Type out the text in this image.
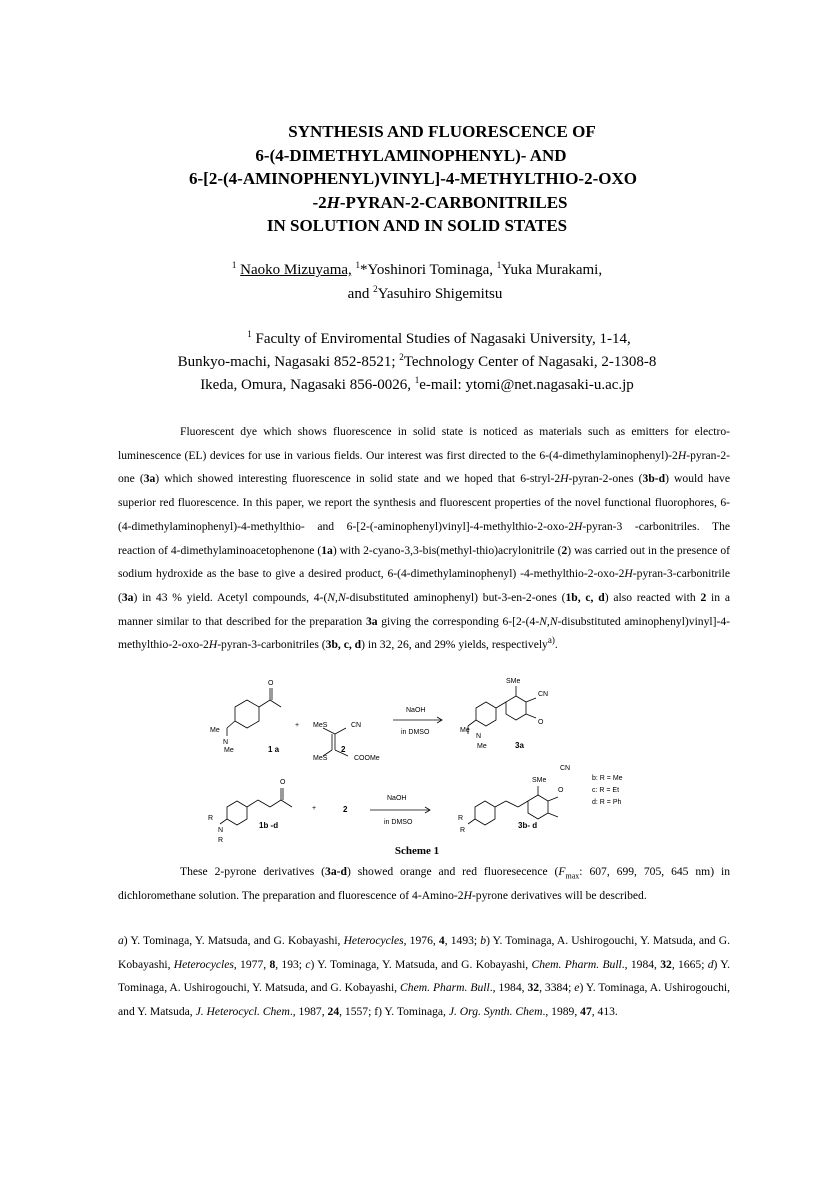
SYNTHESIS AND FLUORESCENCE OF
6-(4-DIMETHYLAMINOPHENYL)- AND
6-[2-(4-AMINOPHENYL)VINYL]-4-METHYLTHIO-2-OXO
-2H-PYRAN-2-CARBONITRILES
IN SOLUTION AND IN SOLID STATES
$^1$ Naoko Mizuyama, $^1$*Yoshinori Tominaga, $^1$Yuka Murakami,
and $^2$Yasuhiro Shigemitsu
$^1$ Faculty of Enviromental Studies of Nagasaki University, 1-14,
Bunkyo-machi, Nagasaki 852-8521; $^2$Technology Center of Nagasaki, 2-1308-8
Ikeda, Omura, Nagasaki 856-0026, $^1$e-mail: ytomi@net.nagasaki-u.ac.jp

Fluorescent dye which shows fluorescence in solid state is noticed as materials such as emitters for electro-luminescence (EL) devices for use in various fields. Our interest was first directed to the 6-(4-dimethylaminophenyl)-2H-pyran-2-one (3a) which showed interesting fluorescence in solid state and we hoped that 6-stryl-2H-pyran-2-ones (3b-d) would have superior red fluorescence. In this paper, we report the synthesis and fluorescent properties of the novel functional fluorophores, 6-(4-dimethylaminophenyl)-4-methylthio- and 6-[2-(-aminophenyl)vinyl]-4-methylthio-2-oxo-2H-pyran-3 -carbonitriles. The reaction of 4-dimethylaminoacetophenone (1a) with 2-cyano-3,3-bis(methyl-thio)acrylonitrile (2) was carried out in the presence of sodium hydroxide as the base to give a desired product, 6-(4-dimethylaminophenyl) -4-methylthio-2-oxo-2H-pyran-3-carbonitrile (3a) in 43 % yield. Acetyl compounds, 4-(N,N-disubstituted aminophenyl) but-3-en-2-ones (1b, c, d) also reacted with 2 in a manner similar to that described for the preparation 3a giving the corresponding 6-[2-(4-N,N-disubstituted aminophenyl)vinyl]-4-methylthio-2-oxo-2H-pyran-3-carbonitriles (3b, c, d) in 32, 26, and 29% yields, respectively$^{a)}$.

Me
N
Me
O
+ MeS	CN
MeS	COOMe
NaOH
in DMSO	Me
N
Me
SMe
CN
O
O
R
N
R
+
NaOH
in DMSO
R
R
SMe
CN
O
b: R = Me
c: R = Et
d: R = Ph
1 a	2	3a
1b -d
2
3b- d
Scheme 1

These 2-pyrone derivatives (3a-d) showed orange and red fluoresecence ($F_{max}$: 607, 699, 705, 645 nm) in dichloromethane solution. The preparation and fluorescence of 4-Amino-2H-pyrone derivatives will be described.

a) Y. Tominaga, Y. Matsuda, and G. Kobayashi, Heterocycles, 1976, 4, 1493; b) Y. Tominaga, A. Ushirogouchi, Y. Matsuda, and G. Kobayashi, Heterocycles, 1977, 8, 193; c) Y. Tominaga, Y. Matsuda, and G. Kobayashi, Chem. Pharm. Bull., 1984, 32, 1665; d) Y. Tominaga, A. Ushirogouchi, Y. Matsuda, and G. Kobayashi, Chem. Pharm. Bull., 1984, 32, 3384; e) Y. Tominaga, A. Ushirogouchi, and Y. Matsuda, J. Heterocycl. Chem., 1987, 24, 1557; f) Y. Tominaga, J. Org. Synth. Chem., 1989, 47, 413.
